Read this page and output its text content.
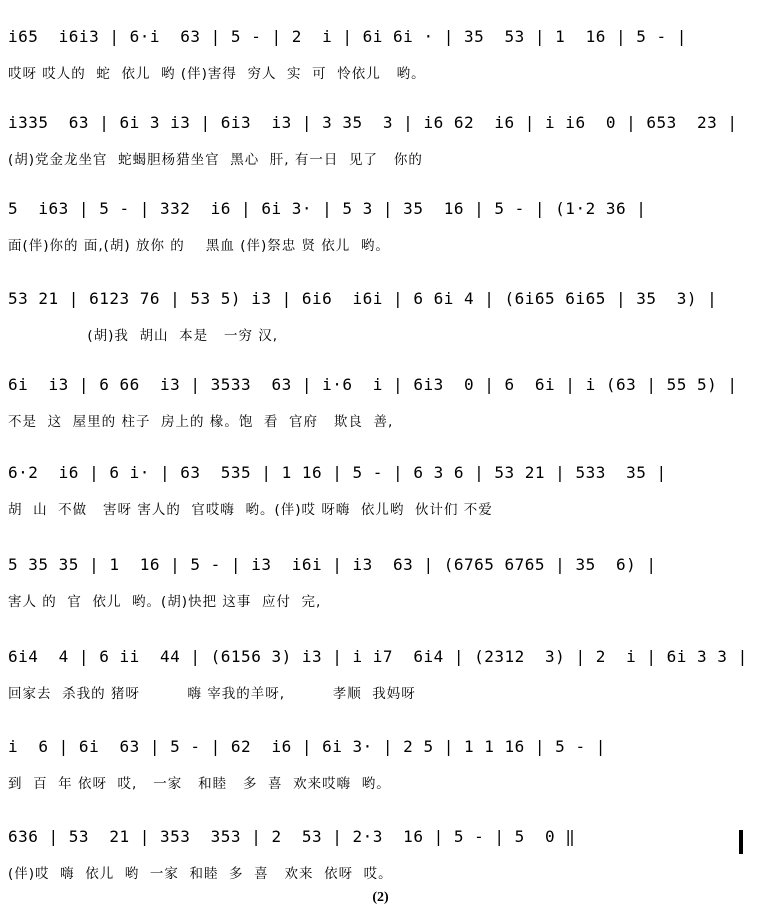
i65  i6i3 | 6·i  63 | 5 - | 2  i | 6i 6i · | 35  53 | 1  16 | 5 - |
哎呀 哎人的  蛇  依儿  哟 (伴)害得  穷人  实  可  怜依儿   哟。
i335  63 | 6i 3 i3 | 6i3  i3 | 3 35  3 | i6 62  i6 | i i6  0 | 653  23 |
(胡)党金龙坐官  蛇蝎胆杨猎坐官  黑心  肝, 有一日  见了   你的
5  i63 | 5 - | 332  i6 | 6i 3· | 5 3 | 35  16 | 5 - | (1·2 36 |
面(伴)你的 面,(胡) 放你 的    黑血 (伴)祭忠 贤 依儿  哟。
53 21 | 6123 76 | 53 5) i3 | 6i6  i6i | 6 6i 4 | (6i65 6i65 | 35  3) |
(胡)我  胡山  本是   一穷 汉,
6i  i3 | 6 66  i3 | 3533  63 | i·6  i | 6i3  0 | 6  6i | i (63 | 55 5) |
不是  这  屋里的 柱子  房上的 椽。饱  看  官府   欺良  善,
6·2  i6 | 6 i· | 63  535 | 1 16 | 5 - | 6 3 6 | 53 21 | 533  35 |
胡  山  不做   害呀 害人的  官哎嗨  哟。(伴)哎 呀嗨  依儿哟  伙计们 不爱
5 35 35 | 1  16 | 5 - | i3  i6i | i3  63 | (6765 6765 | 35  6) |
害人 的  官  依儿  哟。(胡)快把 这事  应付  完,
6i4  4 | 6 ii  44 | (6156 3) i3 | i i7  6i4 | (2312  3) | 2  i | 6i 3 3 |
回家去  杀我的 猪呀         嗨 宰我的羊呀,         孝顺  我妈呀
i  6 | 6i  63 | 5 - | 62  i6 | 6i 3· | 2 5 | 1 1 16 | 5 - |
到  百  年 依呀  哎,   一家   和睦   多  喜  欢来哎嗨  哟。
636 | 53  21 | 353  353 | 2  53 | 2·3  16 | 5 - | 5  0 ‖
(伴)哎  嗨  依儿  哟  一家  和睦  多  喜   欢来  依呀  哎。
(2)
